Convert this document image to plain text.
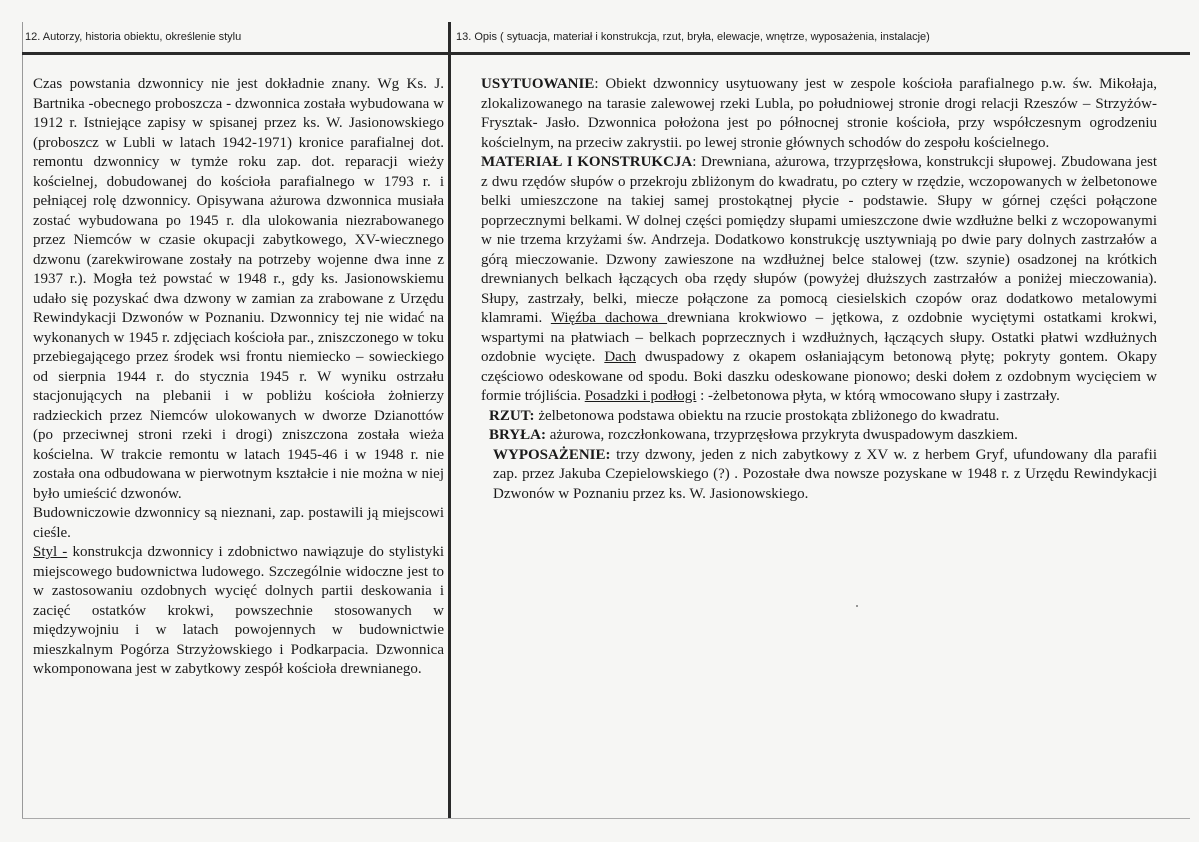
12. Autorzy, historia obiektu, określenie stylu	13. Opis ( sytuacja, materiał i konstrukcja, rzut, bryła, elewacje, wnętrze, wyposażenia, instalacje)

Czas powstania dzwonnicy nie jest dokładnie znany. Wg Ks. J. Bartnika -obecnego proboszcza - dzwonnica została wybudowana w 1912 r. Istniejące zapisy w spisanej przez ks. W. Jasionowskiego (proboszcz w Lubli w latach 1942-1971) kronice parafialnej dot. remontu dzwonnicy w tymże roku zap. dot. reparacji wieży kościelnej, dobudowanej do kościoła parafialnego w 1793 r. i pełniącej rolę dzwonnicy. Opisywana ażurowa dzwonnica musiała zostać wybudowana po 1945 r. dla ulokowania niezrabowanego przez Niemców w czasie okupacji zabytkowego, XV-wiecznego dzwonu (zarekwirowane zostały na potrzeby wojenne dwa inne z 1937 r.). Mogła też powstać w 1948 r., gdy ks. Jasionowskiemu udało się pozyskać dwa dzwony w zamian za zrabowane z Urzędu Rewindykacji Dzwonów w Poznaniu. Dzwonnicy tej nie widać na wykonanych w 1945 r. zdjęciach kościoła par., zniszczonego w toku przebiegającego przez środek wsi frontu niemiecko – sowieckiego od sierpnia 1944 r. do stycznia 1945 r. W wyniku ostrzału stacjonujących na plebanii i w pobliżu kościoła żołnierzy radzieckich przez Niemców ulokowanych w dworze Dzianottów (po przeciwnej stroni rzeki i drogi) zniszczona została wieża kościelna. W trakcie remontu w latach 1945-46 i w 1948 r. nie została ona odbudowana w pierwotnym kształcie i nie można w niej było umieścić dzwonów.

Budowniczowie dzwonnicy są nieznani, zap. postawili ją miejscowi cieśle.

Styl - konstrukcja dzwonnicy i zdobnictwo nawiązuje do stylistyki miejscowego budownictwa ludowego. Szczególnie widoczne jest to w zastosowaniu ozdobnych wycięć dolnych partii deskowania i zacięć ostatków krokwi, powszechnie stosowanych w międzywojniu i w latach powojennych w budownictwie mieszkalnym Pogórza Strzyżowskiego i Podkarpacia. Dzwonnica wkomponowana jest w zabytkowy zespół kościoła drewnianego.

USYTUOWANIE: Obiekt dzwonnicy usytuowany jest w zespole kościoła parafialnego p.w. św. Mikołaja, zlokalizowanego na tarasie zalewowej rzeki Lubla, po południowej stronie drogi relacji Rzeszów – Strzyżów- Frysztak- Jasło. Dzwonnica położona jest po północnej stronie kościoła, przy współczesnym ogrodzeniu kościelnym, na przeciw zakrystii. po lewej stronie głównych schodów do zespołu kościelnego.

MATERIAŁ I KONSTRUKCJA: Drewniana, ażurowa, trzyprzęsłowa, konstrukcji słupowej. Zbudowana jest z dwu rzędów słupów o przekroju zbliżonym do kwadratu, po cztery w rzędzie, wczopowanych w żelbetonowe belki umieszczone na takiej samej prostokątnej płycie - podstawie. Słupy w górnej części połączone poprzecznymi belkami. W dolnej części pomiędzy słupami umieszczone dwie wzdłużne belki z wczopowanymi w nie trzema krzyżami św. Andrzeja. Dodatkowo konstrukcję usztywniają po dwie pary dolnych zastrzałów a górą mieczowanie. Dzwony zawieszone na wzdłużnej belce stalowej (tzw. szynie) osadzonej na krótkich drewnianych belkach łączących oba rzędy słupów (powyżej dłuższych zastrzałów a poniżej mieczowania). Słupy, zastrzały, belki, miecze połączone za pomocą ciesielskich czopów oraz dodatkowo metalowymi klamrami. Więźba dachowa drewniana krokwiowo – jętkowa, z ozdobnie wyciętymi ostatkami krokwi, wspartymi na płatwiach – belkach poprzecznych i wzdłużnych, łączących słupy. Ostatki płatwi wzdłużnych ozdobnie wycięte. Dach dwuspadowy z okapem osłaniającym betonową płytę; pokryty gontem. Okapy częściowo odeskowane od spodu. Boki daszku odeskowane pionowo; deski dołem z ozdobnym wycięciem w formie trójliścia. Posadzki i podłogi : -żelbetonowa płyta, w którą wmocowano słupy i zastrzały.

RZUT: żelbetonowa podstawa obiektu na rzucie prostokąta zbliżonego do kwadratu.

BRYŁA: ażurowa, rozczłonkowana, trzyprzęsłowa przykryta dwuspadowym daszkiem.

WYPOSAŻENIE: trzy dzwony, jeden z nich zabytkowy z XV w. z herbem Gryf, ufundowany dla parafii zap. przez Jakuba Czepielowskiego (?) . Pozostałe dwa nowsze pozyskane w 1948 r. z Urzędu Rewindykacji Dzwonów w Poznaniu przez ks. W. Jasionowskiego.
